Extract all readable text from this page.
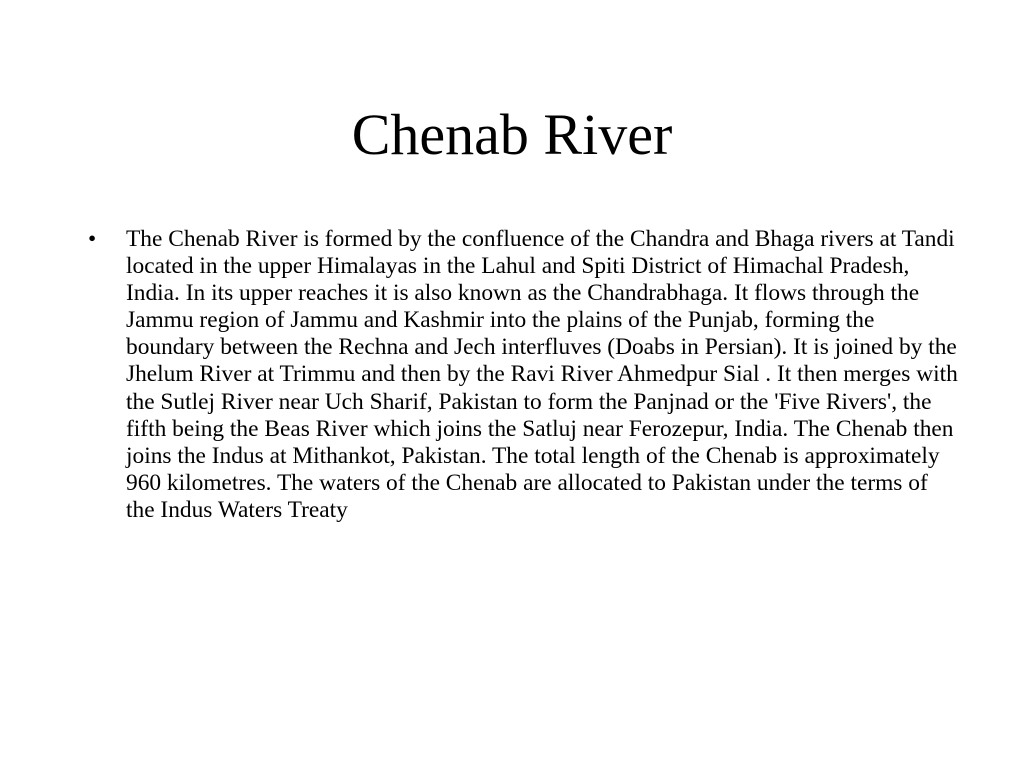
Chenab River
• The Chenab River is formed by the confluence of the Chandra and Bhaga rivers at Tandi located in the upper Himalayas in the Lahul and Spiti District of Himachal Pradesh, India. In its upper reaches it is also known as the Chandrabhaga. It flows through the Jammu region of Jammu and Kashmir into the plains of the Punjab, forming the boundary between the Rechna and Jech interfluves (Doabs in Persian). It is joined by the Jhelum River at Trimmu and then by the Ravi River Ahmedpur Sial . It then merges with the Sutlej River near Uch Sharif, Pakistan to form the Panjnad or the 'Five Rivers', the fifth being the Beas River which joins the Satluj near Ferozepur, India. The Chenab then joins the Indus at Mithankot, Pakistan. The total length of the Chenab is approximately 960 kilometres. The waters of the Chenab are allocated to Pakistan under the terms of the Indus Waters Treaty
